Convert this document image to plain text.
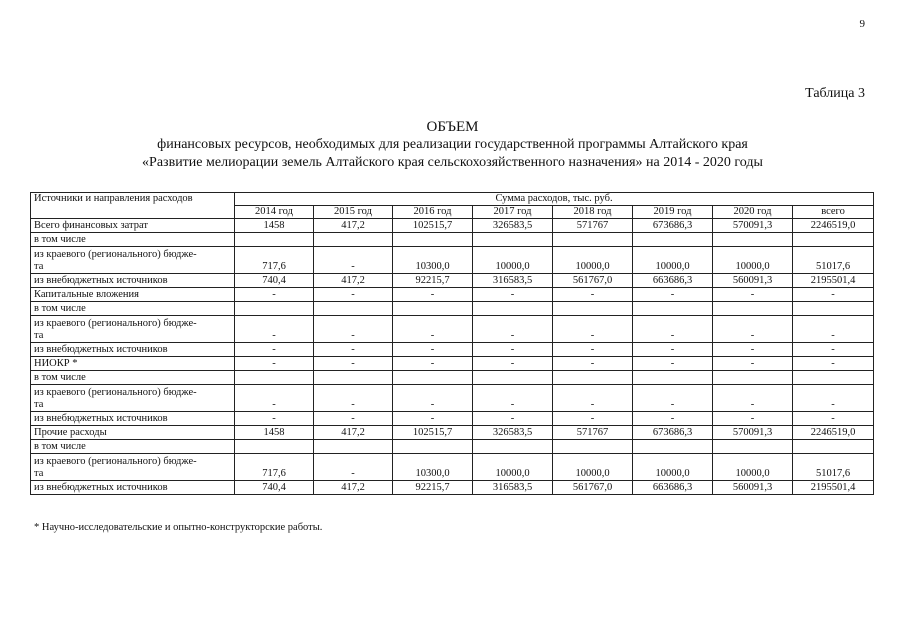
9
Таблица 3
ОБЪЕМ
финансовых ресурсов, необходимых для реализации государственной программы Алтайского края
«Развитие мелиорации земель Алтайского края сельскохозяйственного назначения» на 2014 - 2020 годы
Источники и направления расходов	Сумма расходов, тыс. руб.							
	2014 год	2015 год	2016 год	2017 год	2018 год	2019 год	2020 год	всего
Всего финансовых затрат	1458	417,2	102515,7	326583,5	571767	673686,3	570091,3	2246519,0
в том числе								
из краевого (регионального) бюдже-
та	717,6	-	10300,0	10000,0	10000,0	10000,0	10000,0	51017,6
из внебюджетных источников	740,4	417,2	92215,7	316583,5	561767,0	663686,3	560091,3	2195501,4
Капитальные вложения	-	-	-	-	-	-	-	-
в том числе								
из краевого (регионального) бюдже-
та	-	-	-	-	-	-	-	-
из внебюджетных источников	-	-	-	-	-	-	-	-
НИОКР *	-	-	-	-	-	-	-	-
в том числе								
из краевого (регионального) бюдже-
та	-	-	-	-	-	-	-	-
из внебюджетных источников	-	-	-	-	-	-	-	-
Прочие расходы	1458	417,2	102515,7	326583,5	571767	673686,3	570091,3	2246519,0
в том числе								
из краевого (регионального) бюдже-
та	717,6	-	10300,0	10000,0	10000,0	10000,0	10000,0	51017,6
из внебюджетных источников	740,4	417,2	92215,7	316583,5	561767,0	663686,3	560091,3	2195501,4
* Научно-исследовательские и опытно-конструкторские работы.
